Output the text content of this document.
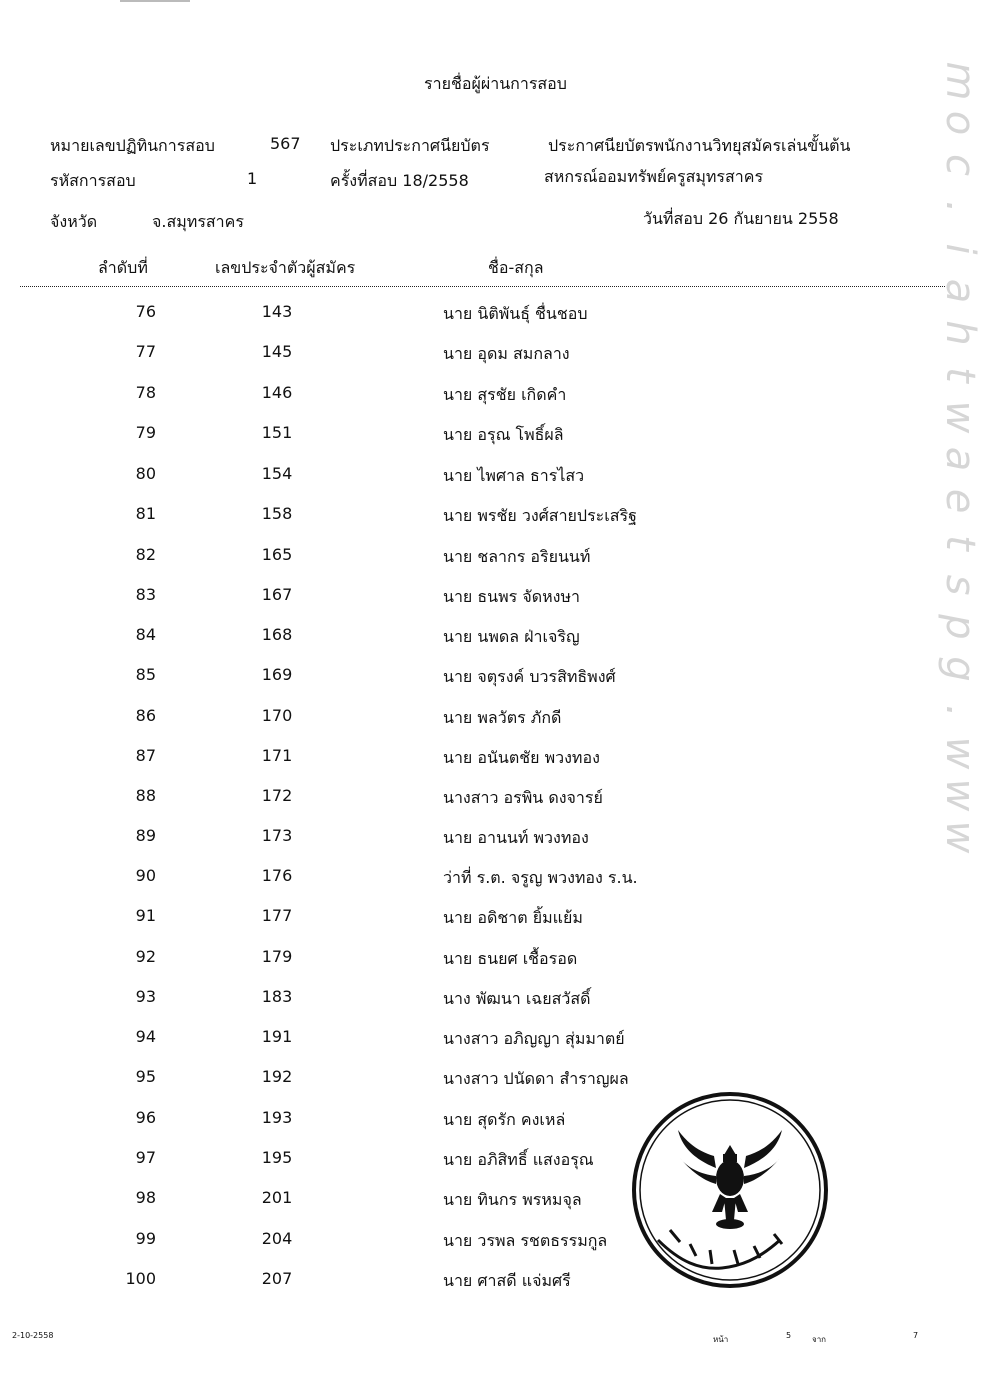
รายชื่อผู้ผ่านการสอบ
หมายเลขปฏิทินการสอบ	567 ประเภทประกาศนียบัตร	ประกาศนียบัตรพนักงานวิทยุสมัครเล่นขั้นต้น
รหัสการสอบ	1	ครั้งที่สอบ 18/2558	สหกรณ์ออมทรัพย์ครูสมุทรสาคร
จังหวัด	จ.สมุทรสาคร	วันที่สอบ 26 กันยายน 2558
ลำดับที่	เลขประจำตัวผู้สมัคร	ชื่อ-สกุล
76	143	นาย นิติพันธุ์ ชื่นชอบ
77	145	นาย อุดม สมกลาง
78	146	นาย สุรชัย เกิดคำ
79	151	นาย อรุณ โพธิ์ผลิ
80	154	นาย ไพศาล ธารไสว
81	158	นาย พรชัย วงศ์สายประเสริฐ
82	165	นาย ชลากร อริยนนท์
83	167	นาย ธนพร จัดหงษา
84	168	นาย นพดล ฝ่าเจริญ
85	169	นาย จตุรงค์ บวรสิทธิพงศ์
86	170	นาย พลวัตร ภักดี
87	171	นาย อนันตชัย พวงทอง
88	172	นางสาว อรพิน ดงจารย์
89	173	นาย อานนท์ พวงทอง
90	176	ว่าที่ ร.ต. จรูญ พวงทอง ร.น.
91	177	นาย อดิชาต ยิ้มแย้ม
92	179	นาย ธนยศ เชื้อรอด
93	183	นาง พัฒนา เฉยสวัสดิ์
94	191	นางสาว อภิญญา สุ่มมาตย์
95	192	นางสาว ปนัดดา สำราญผล
96	193	นาย สุดรัก คงเหล่
97	195	นาย อภิสิทธิ์ แสงอรุณ
98	201	นาย ทินกร พรหมจุล
99	204	นาย วรพล รชตธรรมกูล
100	207	นาย ศาสดี แจ่มศรี
m
o
c
.
i
a
h
t
w
a
e
t
s
p
g
.
w
w
w
2-10-2558	หน้า	5	จาก	7
